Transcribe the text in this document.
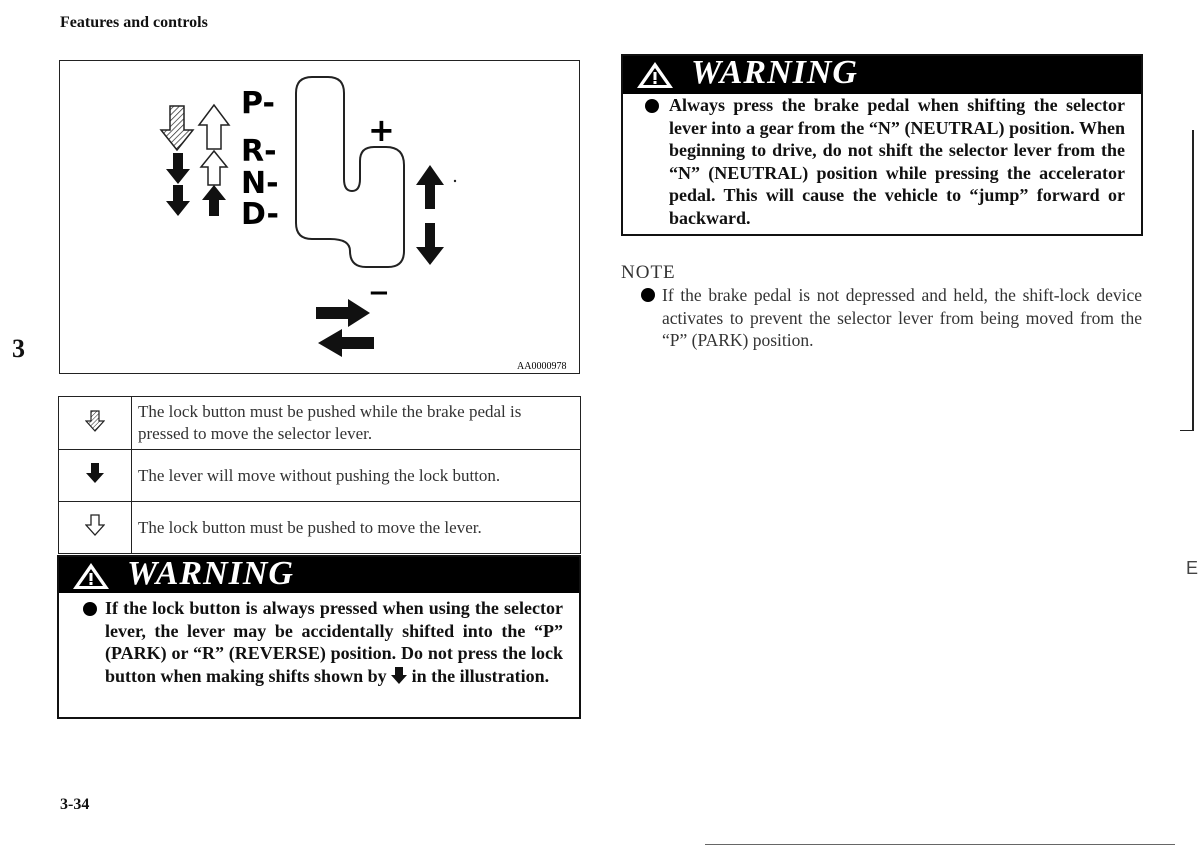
Features and controls
3
P-
R-
N-
D-
+
−
AA0000978
	The lock button must be pushed while the brake pedal is pressed to move the selector lever.
	The lever will move without pushing the lock button.
	The lock button must be pushed to move the lever.
WARNING
If the lock button is always pressed when using the selector lever, the lever may be accidentally shifted into the “P” (PARK) or “R” (REVERSE) position. Do not press the lock button when making shifts shown by in the illustration.
WARNING
Always press the brake pedal when shifting the selector lever into a gear from the “N” (NEUTRAL) position. When beginning to drive, do not shift the selector lever from the “N” (NEUTRAL) position while pressing the accelerator pedal. This will cause the vehicle to “jump” forward or backward.
NOTE
If the brake pedal is not depressed and held, the shift-lock device activates to prevent the selector lever from being moved from the “P” (PARK) position.
3-34
E
